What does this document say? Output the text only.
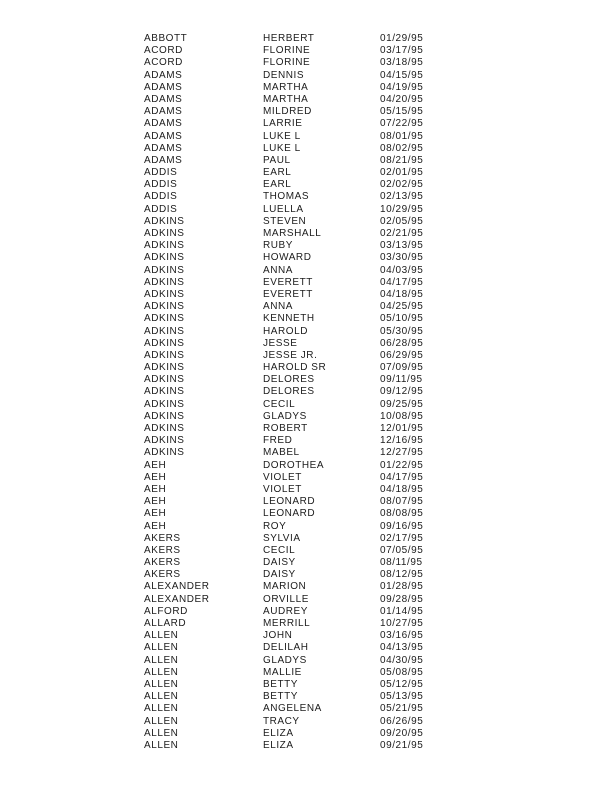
ABBOTT	HERBERT	01/29/95
ACORD	FLORINE	03/17/95
ACORD	FLORINE	03/18/95
ADAMS	DENNIS	04/15/95
ADAMS	MARTHA	04/19/95
ADAMS	MARTHA	04/20/95
ADAMS	MILDRED	05/15/95
ADAMS	LARRIE	07/22/95
ADAMS	LUKE L	08/01/95
ADAMS	LUKE L	08/02/95
ADAMS	PAUL	08/21/95
ADDIS	EARL	02/01/95
ADDIS	EARL	02/02/95
ADDIS	THOMAS	02/13/95
ADDIS	LUELLA	10/29/95
ADKINS	STEVEN	02/05/95
ADKINS	MARSHALL	02/21/95
ADKINS	RUBY	03/13/95
ADKINS	HOWARD	03/30/95
ADKINS	ANNA	04/03/95
ADKINS	EVERETT	04/17/95
ADKINS	EVERETT	04/18/95
ADKINS	ANNA	04/25/95
ADKINS	KENNETH	05/10/95
ADKINS	HAROLD	05/30/95
ADKINS	JESSE	06/28/95
ADKINS	JESSE JR.	06/29/95
ADKINS	HAROLD SR	07/09/95
ADKINS	DELORES	09/11/95
ADKINS	DELORES	09/12/95
ADKINS	CECIL	09/25/95
ADKINS	GLADYS	10/08/95
ADKINS	ROBERT	12/01/95
ADKINS	FRED	12/16/95
ADKINS	MABEL	12/27/95
AEH	DOROTHEA	01/22/95
AEH	VIOLET	04/17/95
AEH	VIOLET	04/18/95
AEH	LEONARD	08/07/95
AEH	LEONARD	08/08/95
AEH	ROY	09/16/95
AKERS	SYLVIA	02/17/95
AKERS	CECIL	07/05/95
AKERS	DAISY	08/11/95
AKERS	DAISY	08/12/95
ALEXANDER	MARION	01/28/95
ALEXANDER	ORVILLE	09/28/95
ALFORD	AUDREY	01/14/95
ALLARD	MERRILL	10/27/95
ALLEN	JOHN	03/16/95
ALLEN	DELILAH	04/13/95
ALLEN	GLADYS	04/30/95
ALLEN	MALLIE	05/08/95
ALLEN	BETTY	05/12/95
ALLEN	BETTY	05/13/95
ALLEN	ANGELENA	05/21/95
ALLEN	TRACY	06/26/95
ALLEN	ELIZA	09/20/95
ALLEN	ELIZA	09/21/95
